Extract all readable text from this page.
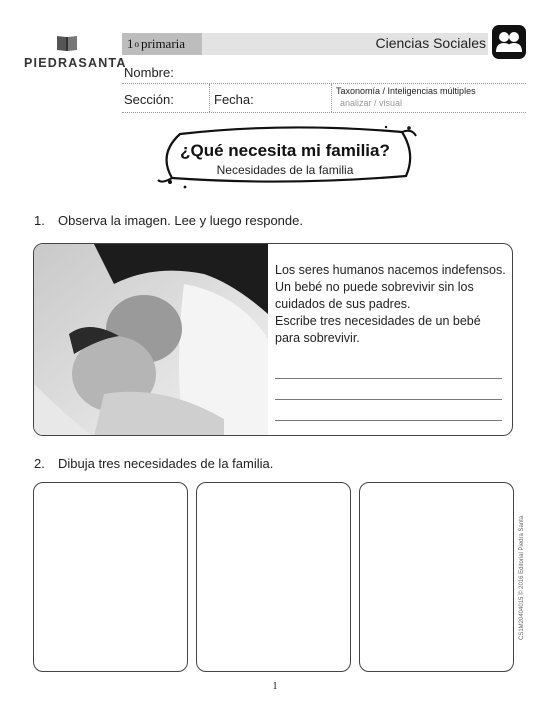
PIEDRASANTA
1 o primaria	Ciencias Sociales
Nombre:
Sección:	Fecha:
Taxonomía / Inteligencias múltiples
analizar / visual
¿Qué necesita mi familia?
Necesidades de la familia
1. Observa la imagen. Lee y luego responde.
Los seres humanos nacemos indefensos.
Un bebé no puede sobrevivir sin los
cuidados de sus padres.
Escribe tres necesidades de un bebé
para sobrevivir.
2. Dibuja tres necesidades de la familia.
CS1M20404015 © 2016 Editorial Piedra Santa
1
